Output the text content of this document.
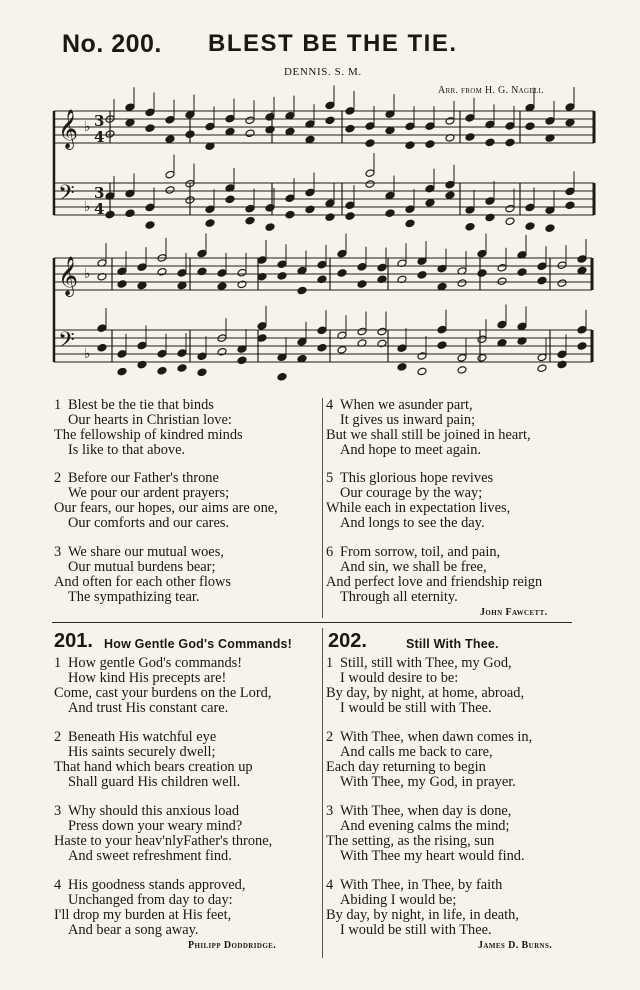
No. 200. BLEST BE THE TIE.
DENNIS. S. M.
Arr. from H. G. Nageli.
𝄞
𝄢
♭
♭
3
4
3
4
𝄞
𝄢
♭
♭
1 Blest be the tie that binds
Our hearts in Christian love:
The fellowship of kindred minds
Is like to that above.
2 Before our Father's throne
We pour our ardent prayers;
Our fears, our hopes, our aims are one,
Our comforts and our cares.
3 We share our mutual woes,
Our mutual burdens bear;
And often for each other flows
The sympathizing tear.
4 When we asunder part,
It gives us inward pain;
But we shall still be joined in heart,
And hope to meet again.
5 This glorious hope revives
Our courage by the way;
While each in expectation lives,
And longs to see the day.
6 From sorrow, toil, and pain,
And sin, we shall be free,
And perfect love and friendship reign
Through all eternity.
John Fawcett.
201. How Gentle God's Commands!
1 How gentle God's commands!
How kind His precepts are!
Come, cast your burdens on the Lord,
And trust His constant care.
2 Beneath His watchful eye
His saints securely dwell;
That hand which bears creation up
Shall guard His children well.
3 Why should this anxious load
Press down your weary mind?
Haste to your heav'nlyFather's throne,
And sweet refreshment find.
4 His goodness stands approved,
Unchanged from day to day:
I'll drop my burden at His feet,
And bear a song away.
Philipp Doddridge.
202.	Still With Thee.
1 Still, still with Thee, my God,
I would desire to be:
By day, by night, at home, abroad,
I would be still with Thee.
2 With Thee, when dawn comes in,
And calls me back to care,
Each day returning to begin
With Thee, my God, in prayer.
3 With Thee, when day is done,
And evening calms the mind;
The setting, as the rising, sun
With Thee my heart would find.
4 With Thee, in Thee, by faith
Abiding I would be;
By day, by night, in life, in death,
I would be still with Thee.
James D. Burns.
